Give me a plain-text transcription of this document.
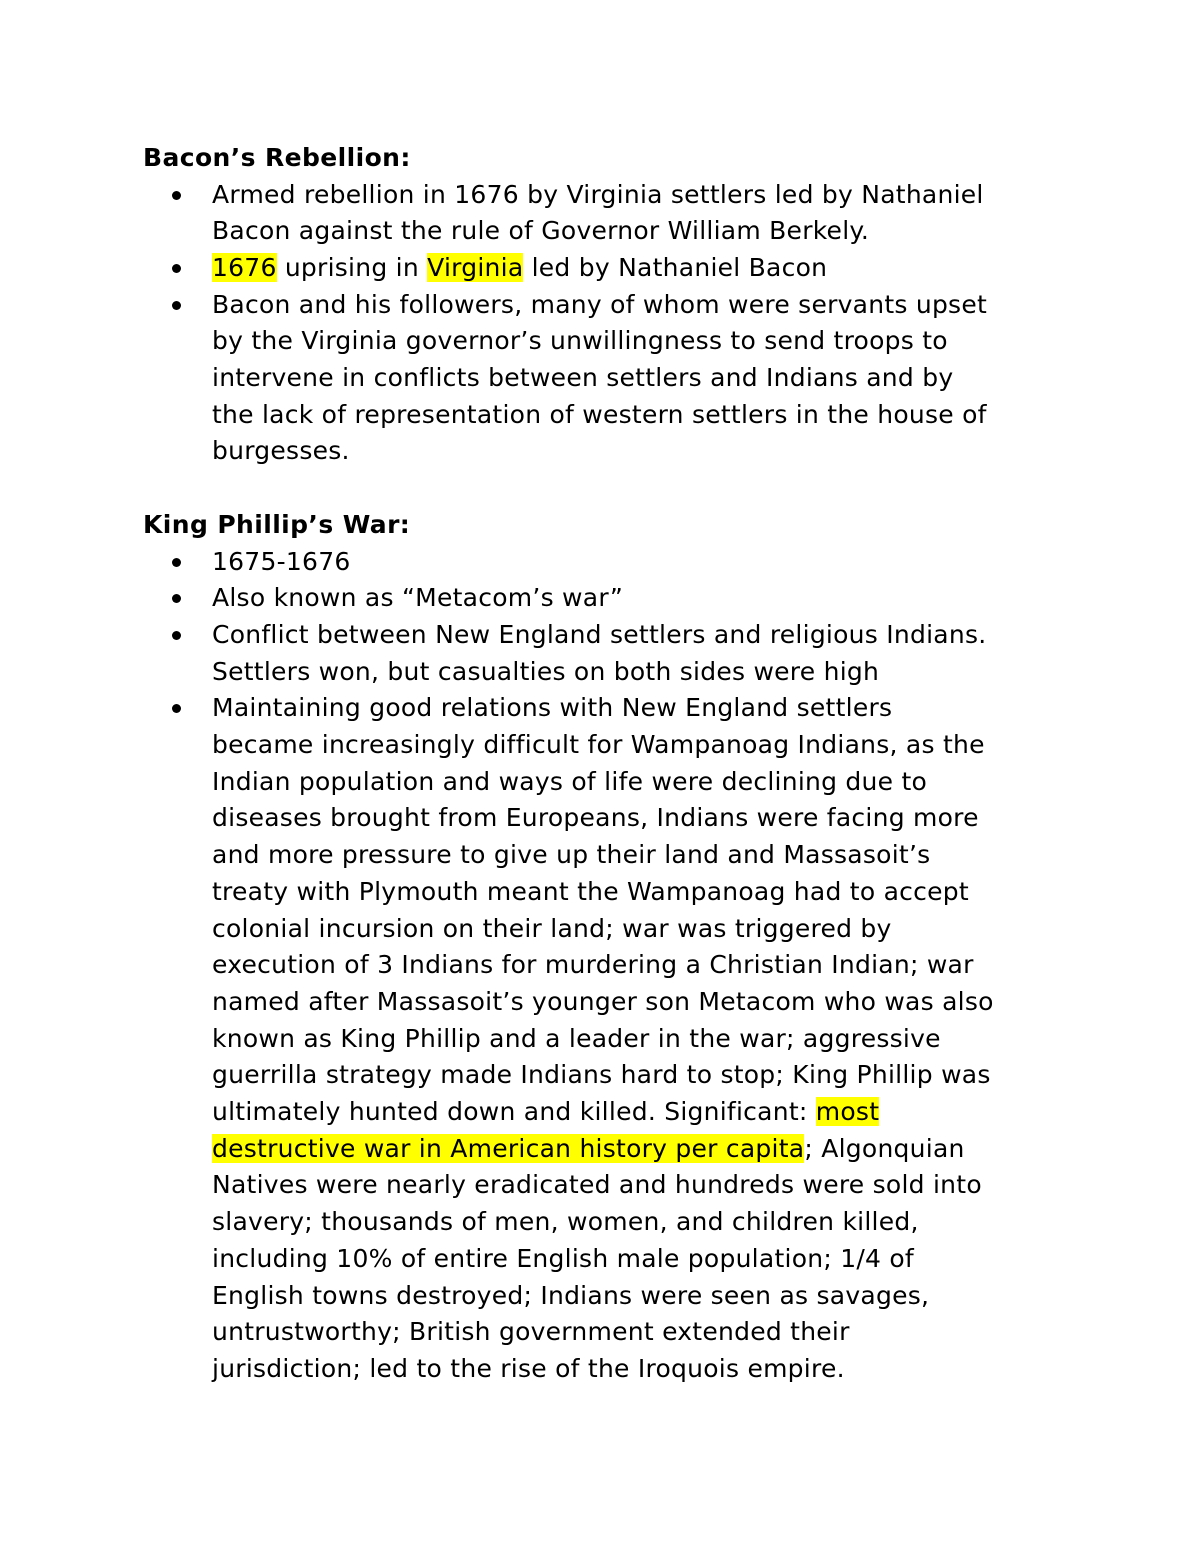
Bacon’s Rebellion:

Armed rebellion in 1676 by Virginia settlers led by Nathaniel
Bacon against the rule of Governor William Berkely.
1676 uprising in Virginia led by Nathaniel Bacon
Bacon and his followers, many of whom were servants upset
by the Virginia governor’s unwillingness to send troops to
intervene in conflicts between settlers and Indians and by
the lack of representation of western settlers in the house of
burgesses.

King Phillip’s War:

1675-1676
Also known as “Metacom’s war”
Conflict between New England settlers and religious Indians.
Settlers won, but casualties on both sides were high
Maintaining good relations with New England settlers
became increasingly difficult for Wampanoag Indians, as the
Indian population and ways of life were declining due to
diseases brought from Europeans, Indians were facing more
and more pressure to give up their land and Massasoit’s
treaty with Plymouth meant the Wampanoag had to accept
colonial incursion on their land; war was triggered by
execution of 3 Indians for murdering a Christian Indian; war
named after Massasoit’s younger son Metacom who was also
known as King Phillip and a leader in the war; aggressive
guerrilla strategy made Indians hard to stop; King Phillip was
ultimately hunted down and killed. Significant: most
destructive war in American history per capita; Algonquian
Natives were nearly eradicated and hundreds were sold into
slavery; thousands of men, women, and children killed,
including 10% of entire English male population; 1/4 of
English towns destroyed; Indians were seen as savages,
untrustworthy; British government extended their
jurisdiction; led to the rise of the Iroquois empire.
